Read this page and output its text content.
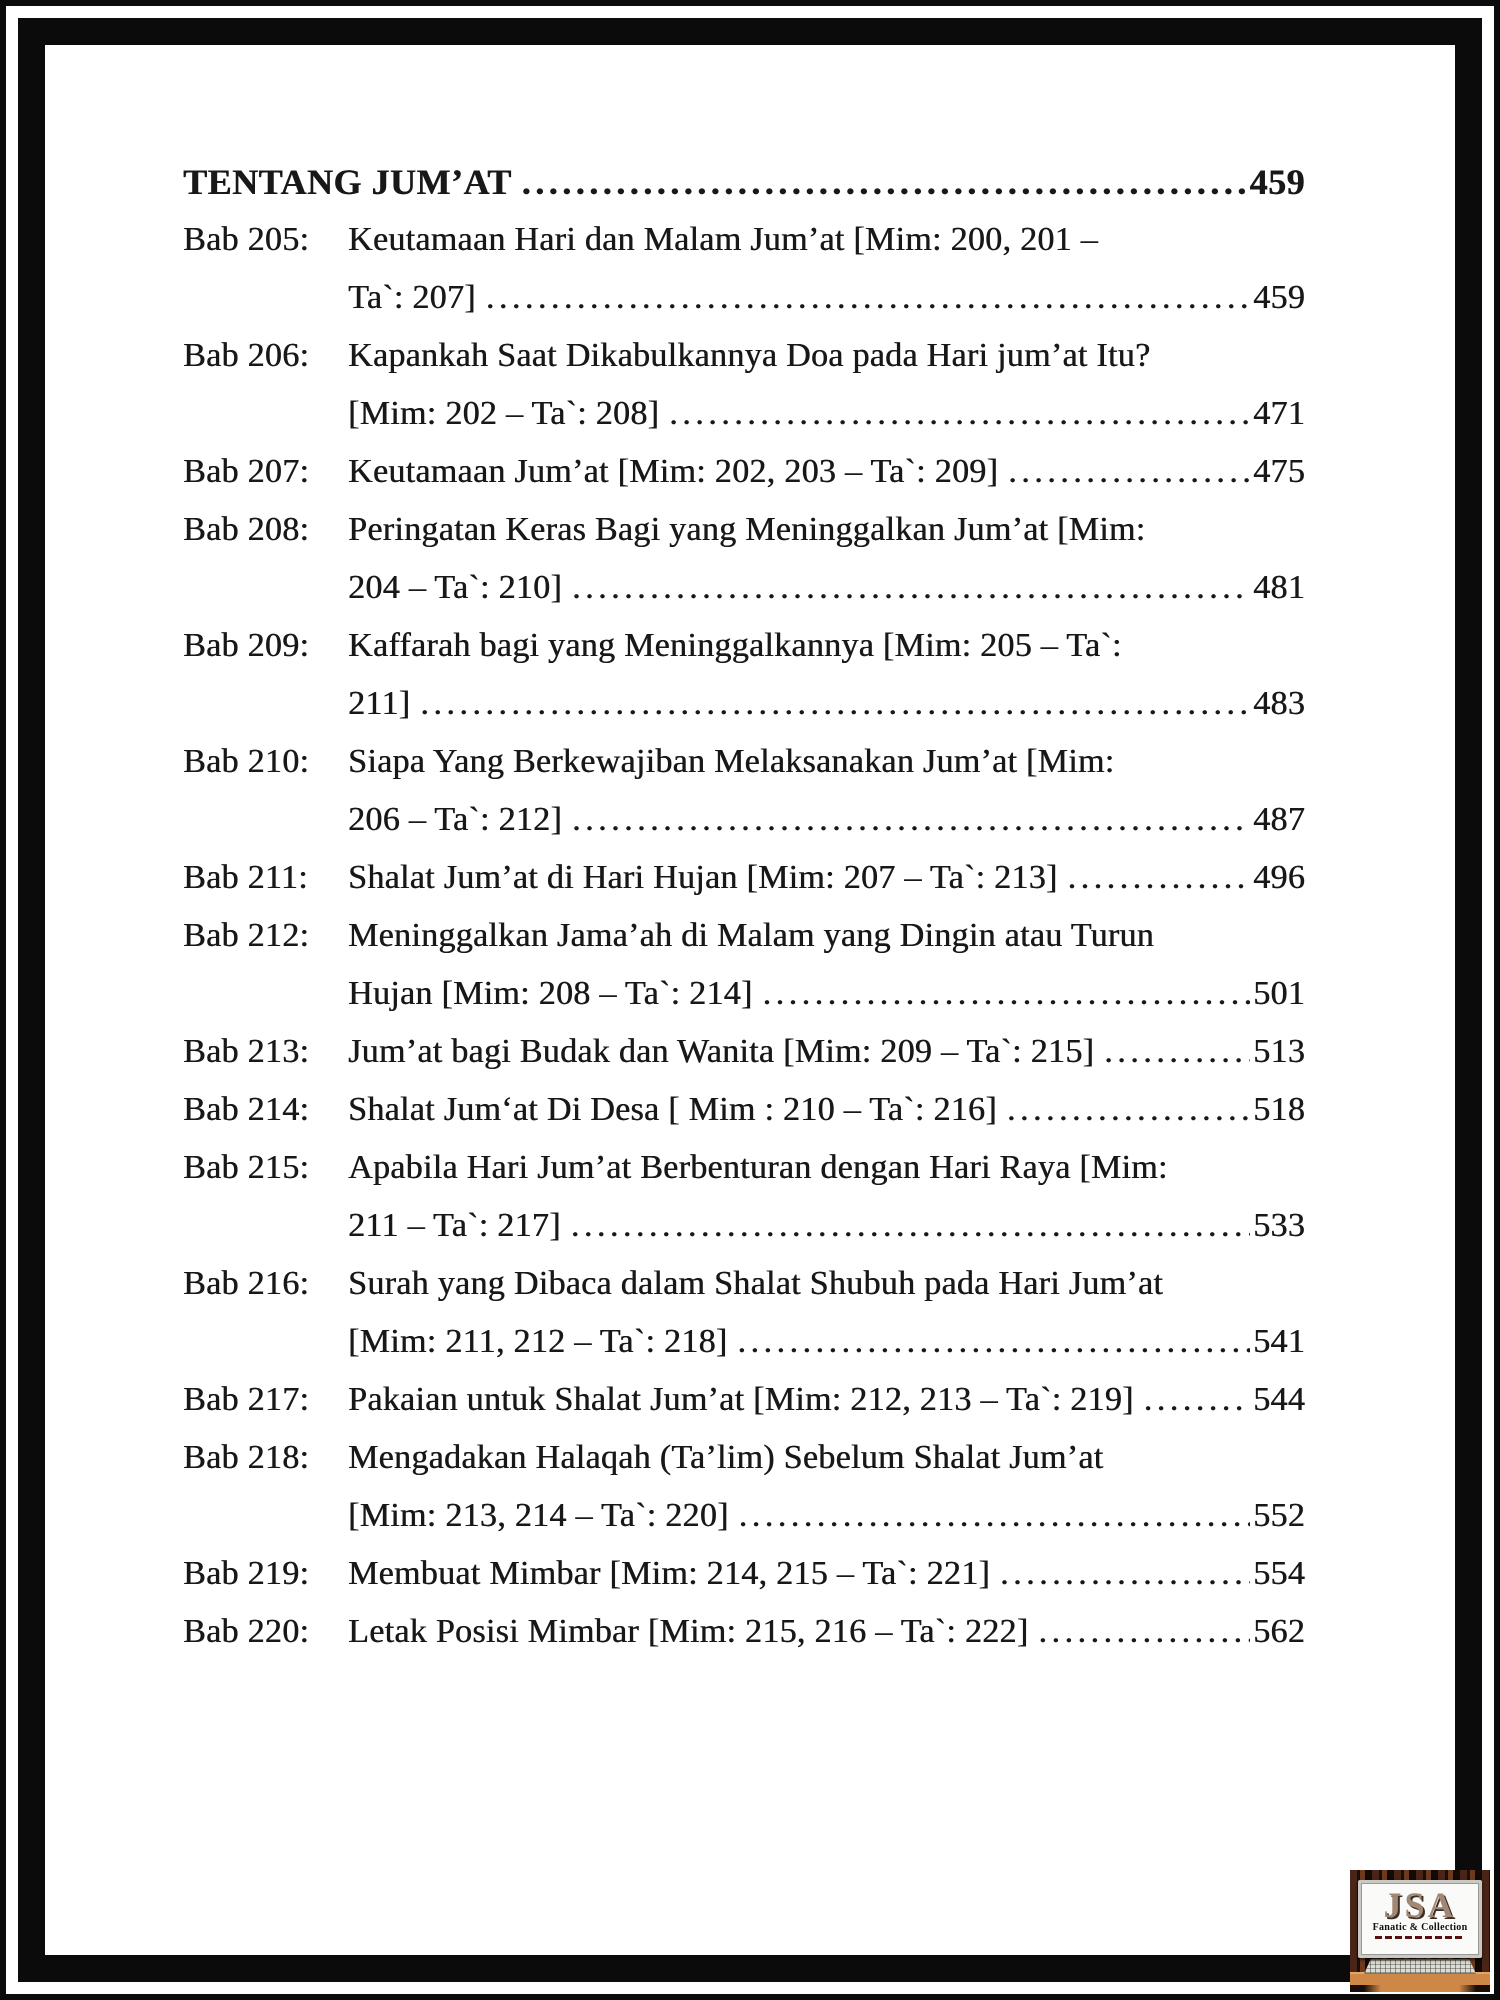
TENTANG JUM’AT .....	459
Bab 205:	Keutamaan Hari dan Malam Jum’at [Mim: 200, 201 –
Ta`: 207] .....	459
Bab 206:	Kapankah Saat Dikabulkannya Doa pada Hari jum’at Itu?
[Mim: 202 – Ta`: 208] .....	471
Bab 207:	Keutamaan Jum’at [Mim: 202, 203 – Ta`: 209] .....	475
Bab 208:	Peringatan Keras Bagi yang Meninggalkan Jum’at [Mim:
204 – Ta`: 210] .....	481
Bab 209:	Kaffarah bagi yang Meninggalkannya [Mim: 205 – Ta`:
211] .....	483
Bab 210:	Siapa Yang Berkewajiban Melaksanakan Jum’at [Mim:
206 – Ta`: 212] .....	487
Bab 211:	Shalat Jum’at di Hari Hujan [Mim: 207 – Ta`: 213] .....	496
Bab 212:	Meninggalkan Jama’ah di Malam yang Dingin atau Turun
Hujan [Mim: 208 – Ta`: 214] .....	501
Bab 213:	Jum’at bagi Budak dan Wanita [Mim: 209 – Ta`: 215] .....	513
Bab 214:	Shalat Jum‘at Di Desa [ Mim : 210 – Ta`: 216] .....	518
Bab 215:	Apabila Hari Jum’at Berbenturan dengan Hari Raya [Mim:
211 – Ta`: 217] .....	533
Bab 216:	Surah yang Dibaca dalam Shalat Shubuh pada Hari Jum’at
[Mim: 211, 212 – Ta`: 218] .....	541
Bab 217:	Pakaian untuk Shalat Jum’at [Mim: 212, 213 – Ta`: 219] .....	544
Bab 218:	Mengadakan Halaqah (Ta’lim) Sebelum Shalat Jum’at
[Mim: 213, 214 – Ta`: 220] .....	552
Bab 219:	Membuat Mimbar [Mim: 214, 215 – Ta`: 221] .....	554
Bab 220:	Letak Posisi Mimbar [Mim: 215, 216 – Ta`: 222] .....	562
JSA
Fanatic & Collection
